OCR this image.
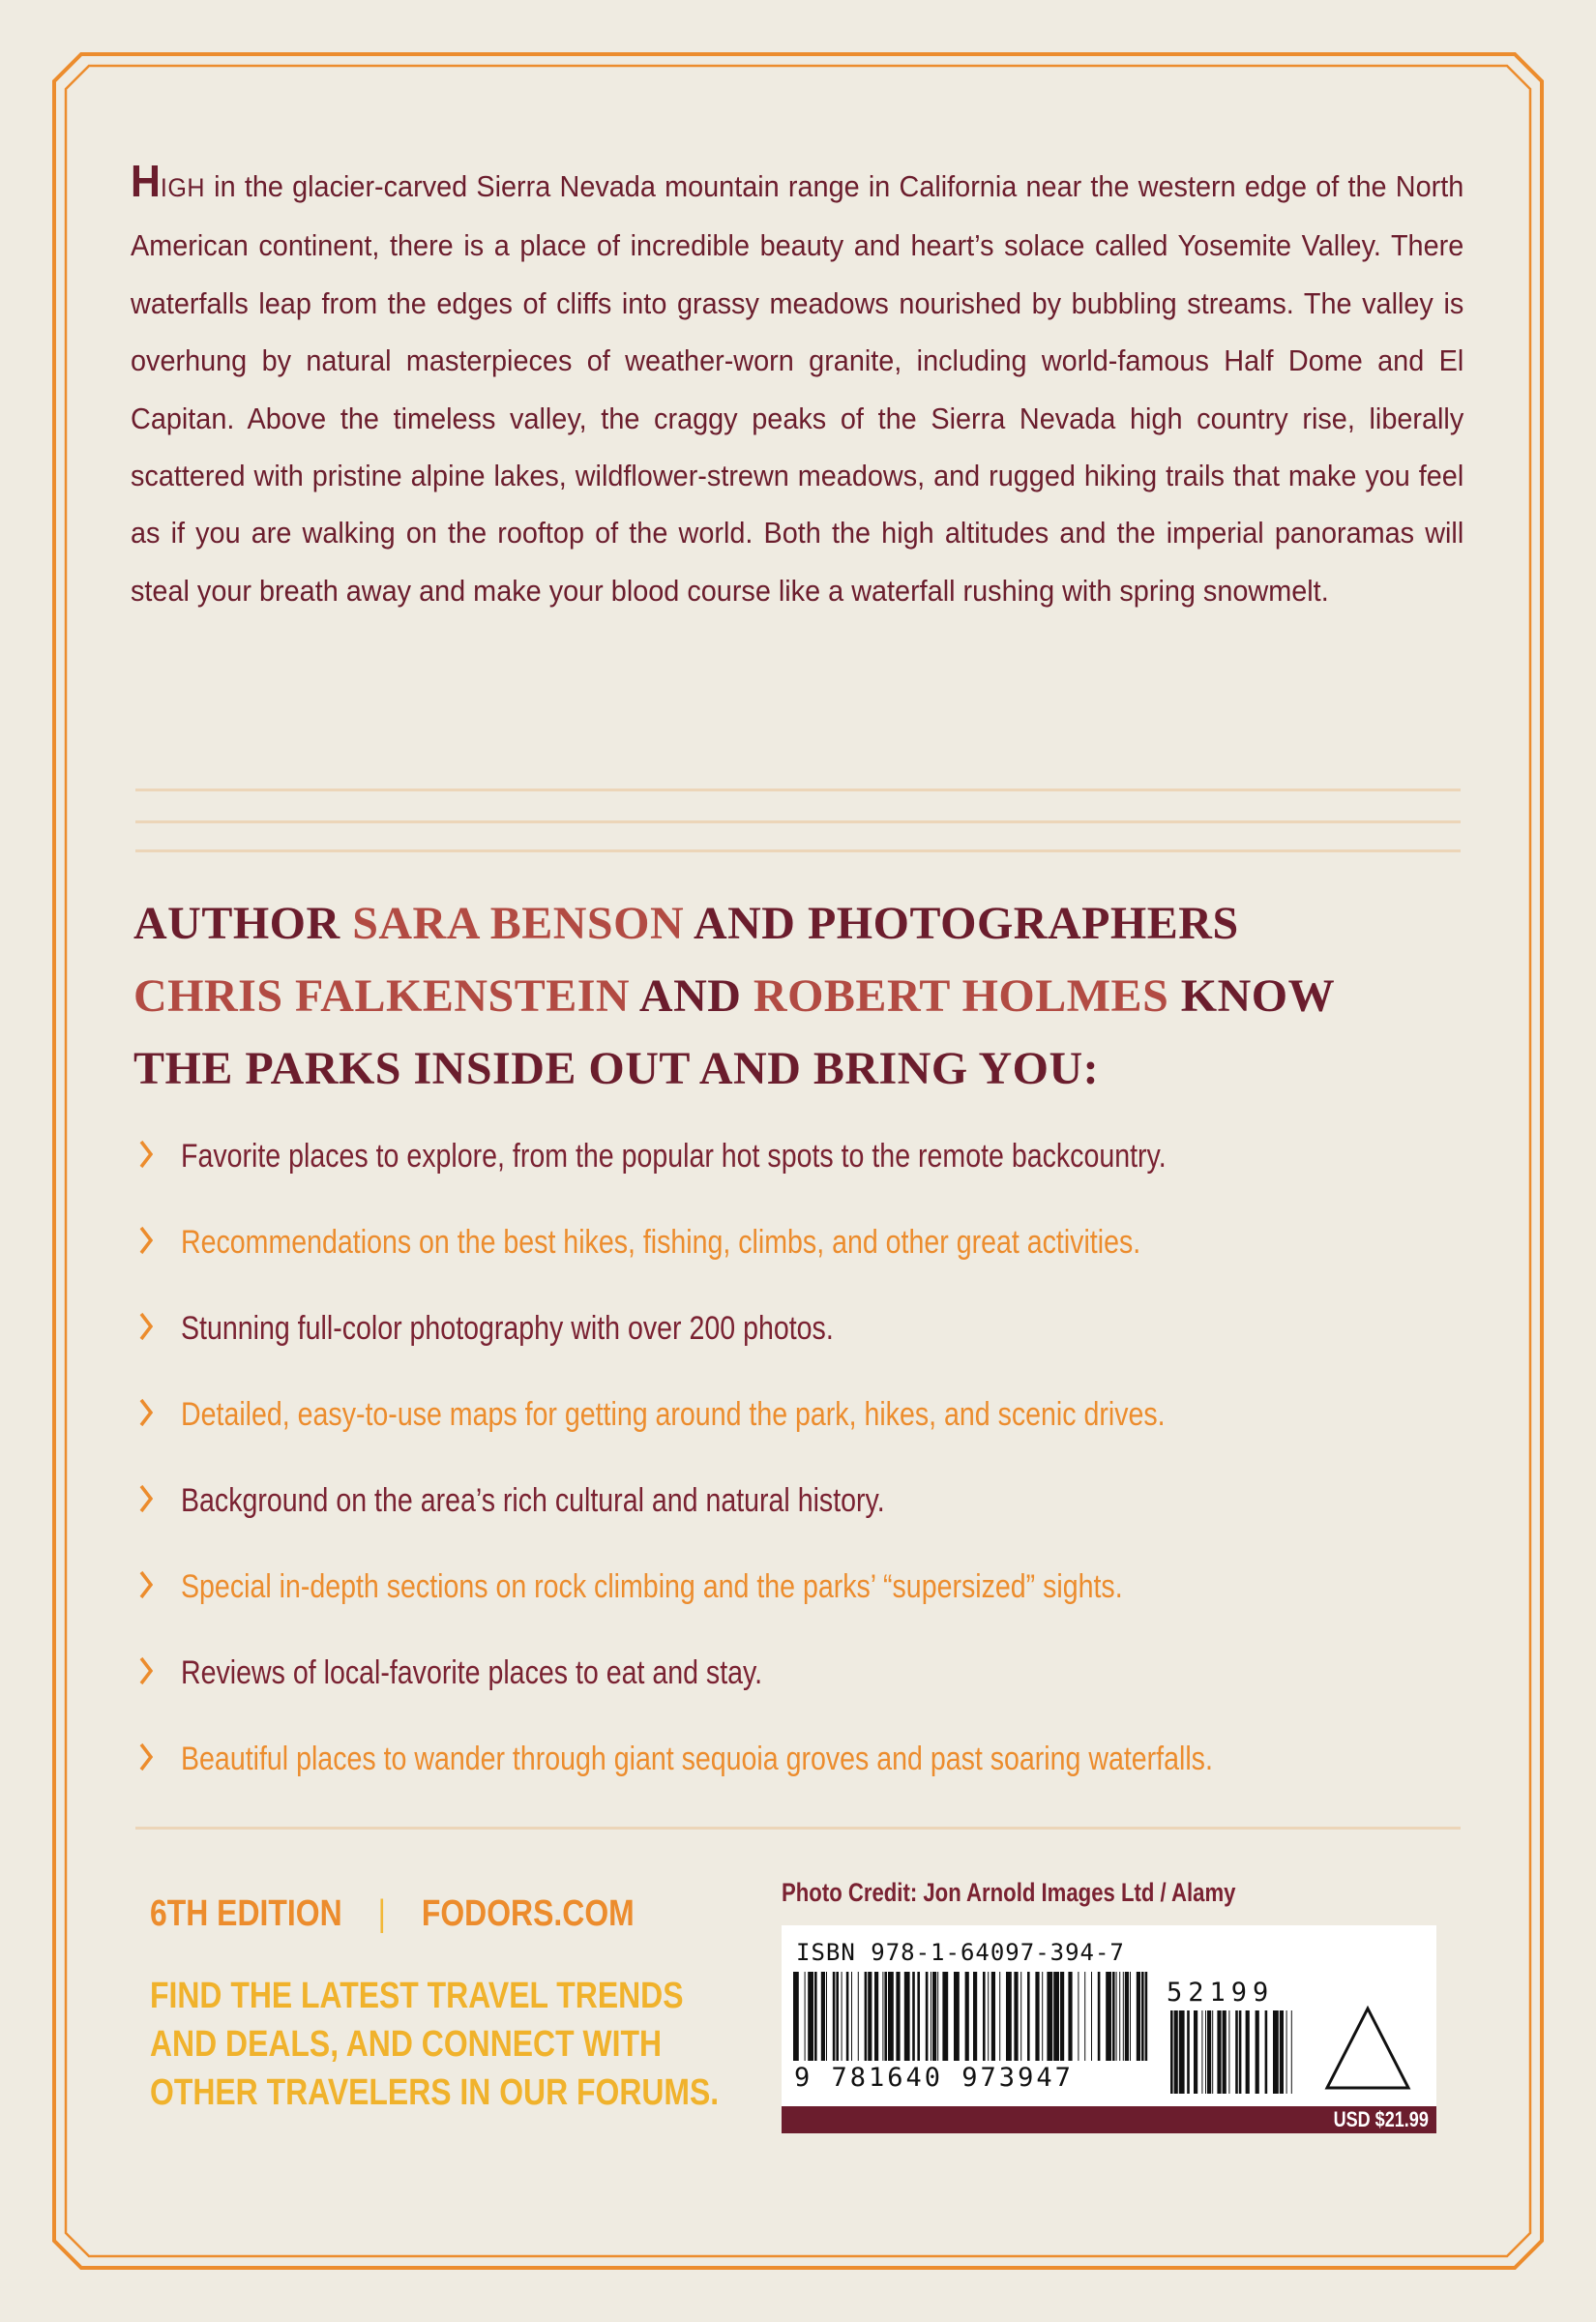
HIGH in the glacier-carved Sierra Nevada mountain range in California near the western edge of the North American continent, there is a place of incredible beauty and heart’s solace called Yosemite Valley. There waterfalls leap from the edges of cliffs into grassy meadows nourished by bubbling streams. The valley is overhung by natural masterpieces of weather-worn granite, including world-famous Half Dome and El Capitan. Above the timeless valley, the craggy peaks of the Sierra Nevada high country rise, liberally scattered with pristine alpine lakes, wildflower-strewn meadows, and rugged hiking trails that make you feel as if you are walking on the rooftop of the world. Both the high altitudes and the imperial panoramas will steal your breath away and make your blood course like a waterfall rushing with spring snowmelt.

AUTHOR SARA BENSON AND PHOTOGRAPHERS
CHRIS FALKENSTEIN AND ROBERT HOLMES KNOW
THE PARKS INSIDE OUT AND BRING YOU:
Favorite places to explore, from the popular hot spots to the remote backcountry.
Recommendations on the best hikes, fishing, climbs, and other great activities.
Stunning full-color photography with over 200 photos.
Detailed, easy-to-use maps for getting around the park, hikes, and scenic drives.
Background on the area’s rich cultural and natural history.
Special in-depth sections on rock climbing and the parks’ “supersized” sights.
Reviews of local-favorite places to eat and stay.
Beautiful places to wander through giant sequoia groves and past soaring waterfalls.
6TH EDITION | FODORS.COM
FIND THE LATEST TRAVEL TRENDS
AND DEALS, AND CONNECT WITH
OTHER TRAVELERS IN OUR FORUMS.
Photo Credit: Jon Arnold Images Ltd / Alamy
ISBN 978-1-64097-394-7
9 781640 973947
52199
USD $21.99
